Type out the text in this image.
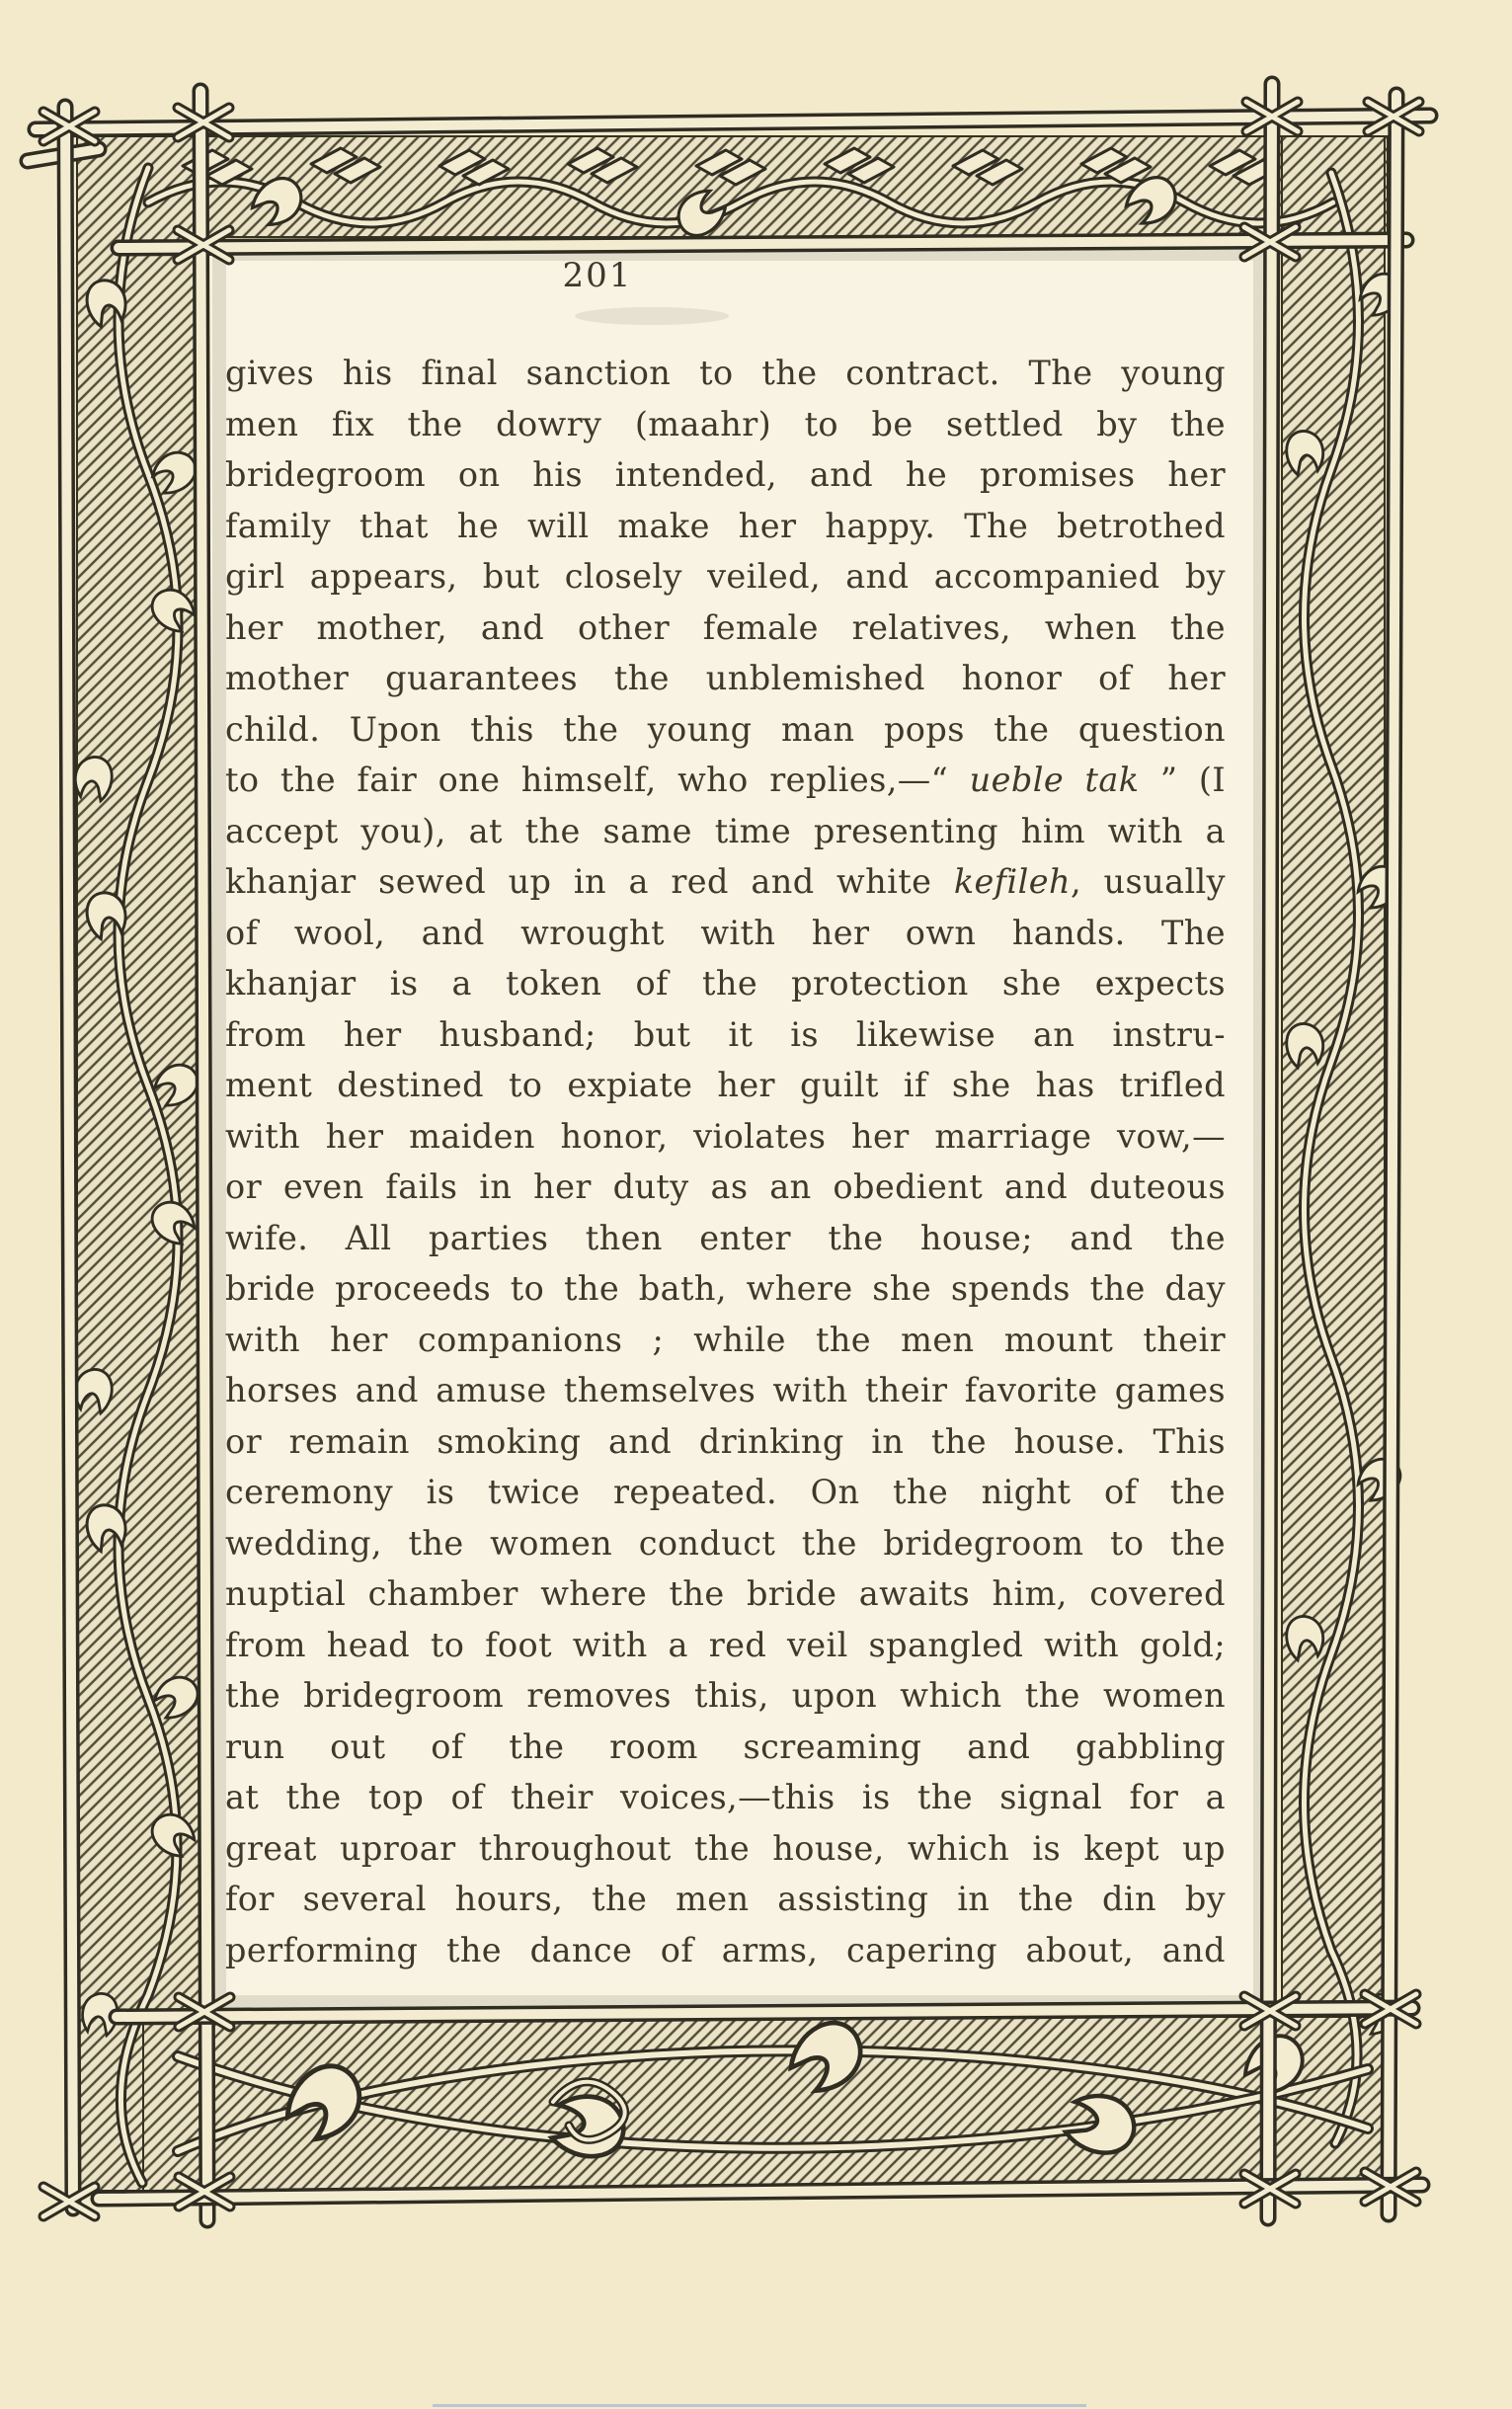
201
gives his final sanction to the contract. The young
men fix the dowry (maahr) to be settled by the
bridegroom on his intended, and he promises her
family that he will make her happy. The betrothed
girl appears, but closely veiled, and accompanied by
her mother, and other female relatives, when the
mother guarantees the unblemished honor of her
child. Upon this the young man pops the question
to the fair one himself, who replies,—“ ueble tak ” (I
accept you), at the same time presenting him with a
khanjar sewed up in a red and white kefileh, usually
of wool, and wrought with her own hands. The
khanjar is a token of the protection she expects
from her husband; but it is likewise an instru-
ment destined to expiate her guilt if she has trifled
with her maiden honor, violates her marriage vow,—
or even fails in her duty as an obedient and duteous
wife. All parties then enter the house; and the
bride proceeds to the bath, where she spends the day
with her companions ; while the men mount their
horses and amuse themselves with their favorite games
or remain smoking and drinking in the house. This
ceremony is twice repeated. On the night of the
wedding, the women conduct the bridegroom to the
nuptial chamber where the bride awaits him, covered
from head to foot with a red veil spangled with gold;
the bridegroom removes this, upon which the women
run out of the room screaming and gabbling
at the top of their voices,—this is the signal for a
great uproar throughout the house, which is kept up
for several hours, the men assisting in the din by
performing the dance of arms, capering about, and
